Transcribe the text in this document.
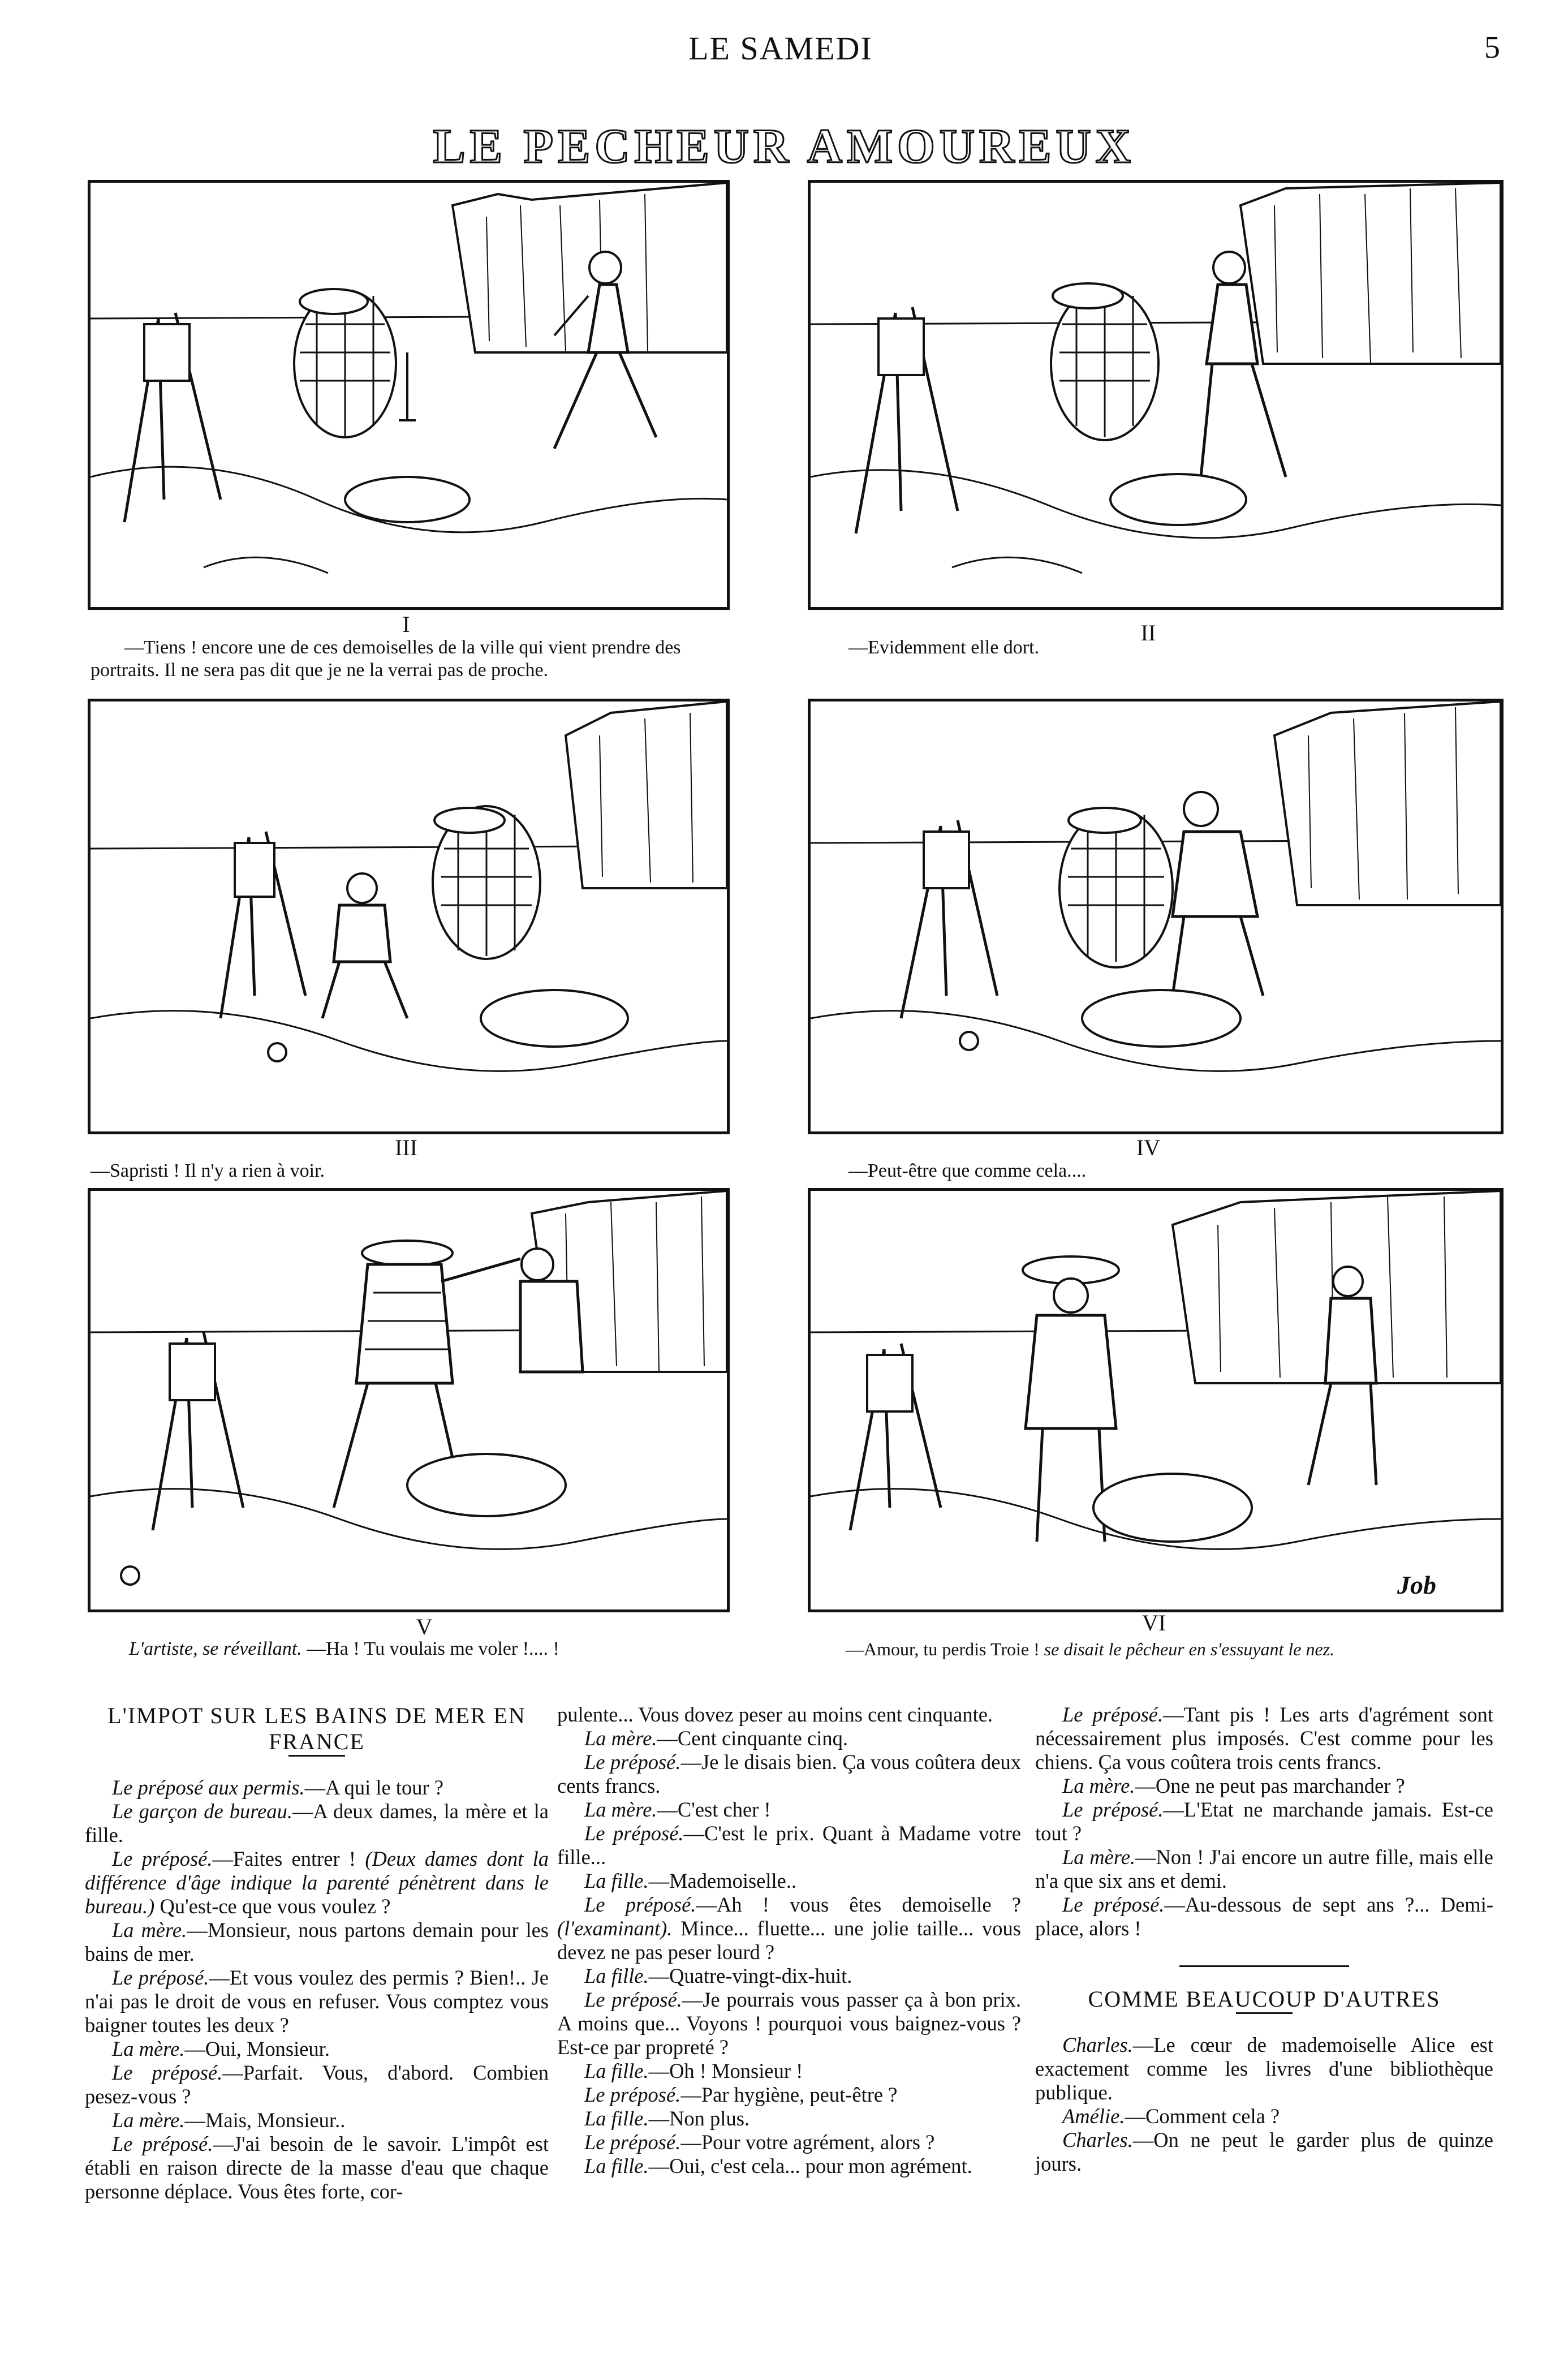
LE SAMEDI	5
LE PECHEUR AMOUREUX
I
—Tiens ! encore une de ces demoiselles de la ville qui vient prendre des
portraits. Il ne sera pas dit que je ne la verrai pas de proche.
II
—Evidemment elle dort.
III
—Sapristi ! Il n'y a rien à voir.
IV
—Peut-être que comme cela....
V
L'artiste, se réveillant. —Ha ! Tu voulais me voler !.... !
VI
—Amour, tu perdis Troie ! se disait le pêcheur en s'essuyant le nez.
Job

L'IMPOT SUR LES BAINS DE MER EN
FRANCE

Le préposé aux permis.—A qui le tour ?

Le garçon de bureau.—A deux dames, la mère et la fille.

Le préposé.—Faites entrer ! (Deux dames dont la différence d'âge indique la parenté pénètrent dans le bureau.) Qu'est-ce que vous voulez ?

La mère.—Monsieur, nous partons demain pour les bains de mer.

Le préposé.—Et vous voulez des permis ? Bien!.. Je n'ai pas le droit de vous en refuser. Vous comptez vous baigner toutes les deux ?

La mère.—Oui, Monsieur.

Le préposé.—Parfait. Vous, d'abord. Combien pesez-vous ?

La mère.—Mais, Monsieur..

Le préposé.—J'ai besoin de le savoir. L'impôt est établi en raison directe de la masse d'eau que chaque personne déplace. Vous êtes forte, cor-

pulente... Vous dovez peser au moins cent cinquante.

La mère.—Cent cinquante cinq.

Le préposé.—Je le disais bien. Ça vous coûtera deux cents francs.

La mère.—C'est cher !

Le préposé.—C'est le prix. Quant à Madame votre fille...

La fille.—Mademoiselle..

Le préposé.—Ah ! vous êtes demoiselle ? (l'examinant). Mince... fluette... une jolie taille... vous devez ne pas peser lourd ?

La fille.—Quatre-vingt-dix-huit.

Le préposé.—Je pourrais vous passer ça à bon prix. A moins que... Voyons ! pourquoi vous baignez-vous ? Est-ce par propreté ?

La fille.—Oh ! Monsieur !

Le préposé.—Par hygiène, peut-être ?

La fille.—Non plus.

Le préposé.—Pour votre agrément, alors ?

La fille.—Oui, c'est cela... pour mon agrément.

Le préposé.—Tant pis ! Les arts d'agrément sont nécessairement plus imposés. C'est comme pour les chiens. Ça vous coûtera trois cents francs.

La mère.—One ne peut pas marchander ?

Le préposé.—L'Etat ne marchande jamais. Est-ce tout ?

La mère.—Non ! J'ai encore un autre fille, mais elle n'a que six ans et demi.

Le préposé.—Au-dessous de sept ans ?... Demi-place, alors !

COMME BEAUCOUP D'AUTRES

Charles.—Le cœur de mademoiselle Alice est exactement comme les livres d'une bibliothèque publique.

Amélie.—Comment cela ?

Charles.—On ne peut le garder plus de quinze jours.
